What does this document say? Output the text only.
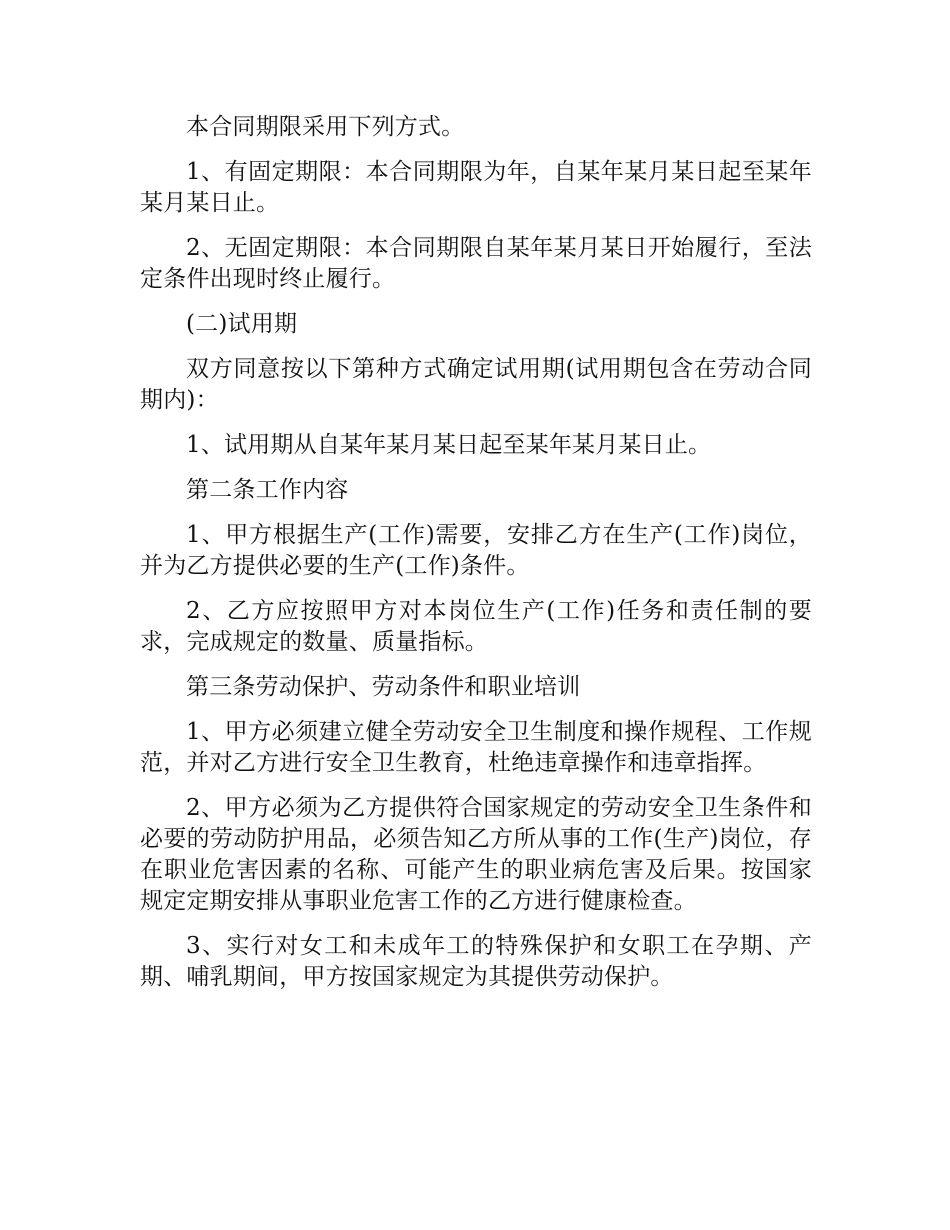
本合同期限采用下列方式。

1、有固定期限：本合同期限为年，自某年某月某日起至某年某月某日止。

2、无固定期限：本合同期限自某年某月某日开始履行，至法定条件出现时终止履行。

(二)试用期

双方同意按以下第种方式确定试用期(试用期包含在劳动合同期内)：

1、试用期从自某年某月某日起至某年某月某日止。

第二条工作内容

1、甲方根据生产(工作)需要，安排乙方在生产(工作)岗位，并为乙方提供必要的生产(工作)条件。

2、乙方应按照甲方对本岗位生产(工作)任务和责任制的要求，完成规定的数量、质量指标。

第三条劳动保护、劳动条件和职业培训

1、甲方必须建立健全劳动安全卫生制度和操作规程、工作规范，并对乙方进行安全卫生教育，杜绝违章操作和违章指挥。

2、甲方必须为乙方提供符合国家规定的劳动安全卫生条件和必要的劳动防护用品，必须告知乙方所从事的工作(生产)岗位，存在职业危害因素的名称、可能产生的职业病危害及后果。按国家规定定期安排从事职业危害工作的乙方进行健康检查。

3、实行对女工和未成年工的特殊保护和女职工在孕期、产期、哺乳期间，甲方按国家规定为其提供劳动保护。
